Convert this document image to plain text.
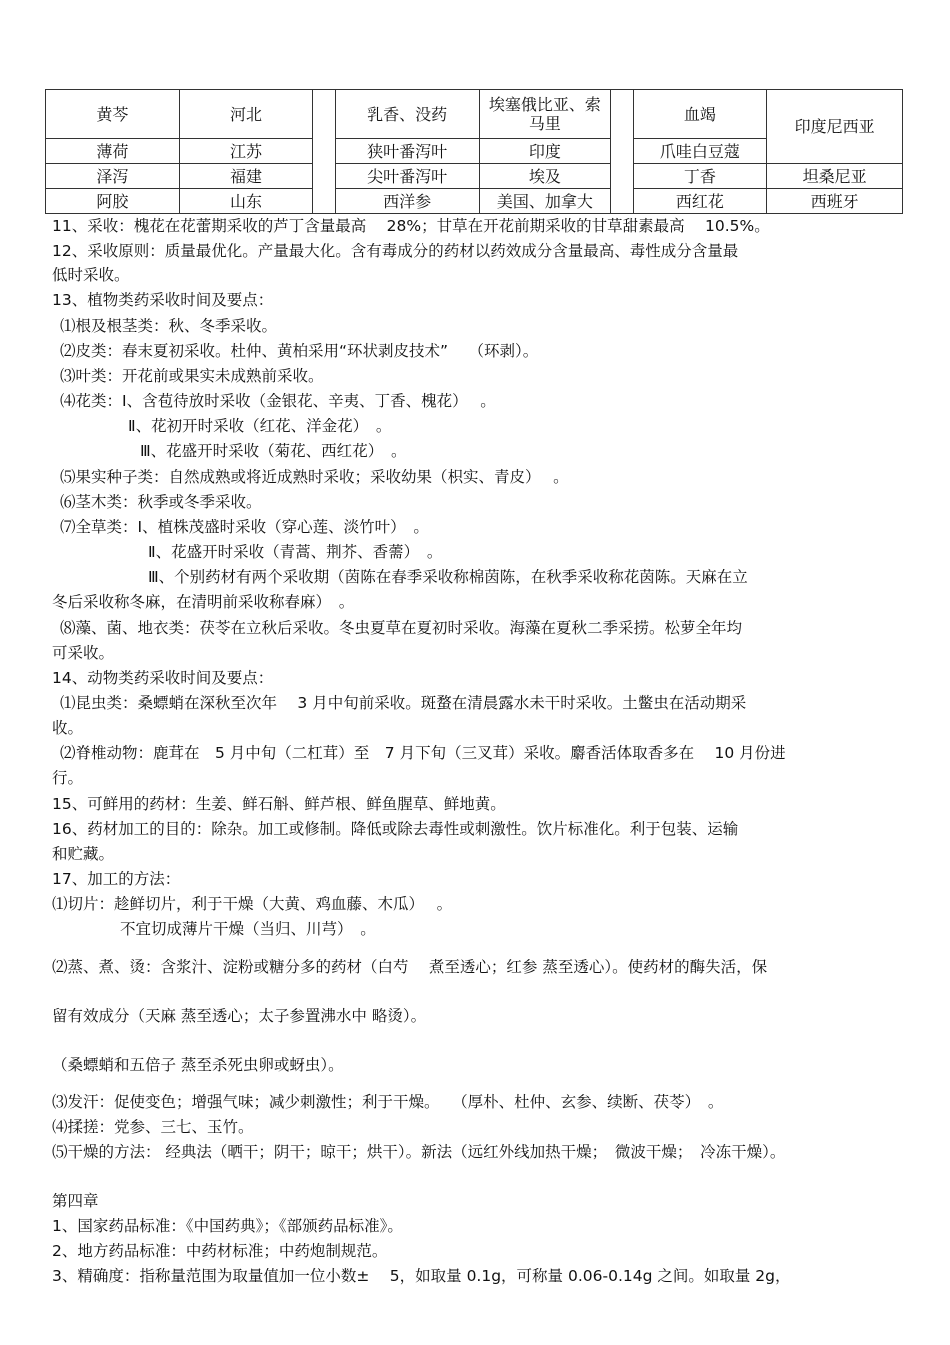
黄芩	河北		乳香、没药	埃塞俄比亚、索马里		血竭	印度尼西亚
薄荷	江苏		狭叶番泻叶	印度		爪哇白豆蔻	
泽泻	福建		尖叶番泻叶	埃及		丁香	坦桑尼亚
阿胶	山东		西洋参	美国、加拿大		西红花	西班牙
11、采收：槐花在花蕾期采收的芦丁含量最高　 28%；甘草在开花前期采收的甘草甜素最高　 10.5%。
12、采收原则：质量最优化。产量最大化。含有毒成分的药材以药效成分含量最高、毒性成分含量最
低时采收。
13、植物类药采收时间及要点：
⑴根及根茎类：秋、冬季采收。
⑵皮类：春末夏初采收。杜仲、黄柏采用“环状剥皮技术”　 （环剥）。
⑶叶类：开花前或果实未成熟前采收。
⑷花类：Ⅰ、含苞待放时采收（金银花、辛夷、丁香、槐花）　 。
Ⅱ、花初开时采收（红花、洋金花）　。
Ⅲ、花盛开时采收（菊花、西红花）　。
⑸果实种子类：自然成熟或将近成熟时采收；采收幼果（枳实、青皮）　 。
⑹茎木类：秋季或冬季采收。
⑺全草类：Ⅰ、植株茂盛时采收（穿心莲、淡竹叶）　。
Ⅱ、花盛开时采收（青蒿、荆芥、香薷）　。
Ⅲ、个别药材有两个采收期（茵陈在春季采收称棉茵陈，在秋季采收称花茵陈。天麻在立
冬后采收称冬麻，在清明前采收称春麻）　。
⑻藻、菌、地衣类：茯苓在立秋后采收。冬虫夏草在夏初时采收。海藻在夏秋二季采捞。松萝全年均
可采收。
14、动物类药采收时间及要点：
⑴昆虫类：桑螵蛸在深秋至次年　 3 月中旬前采收。斑蝥在清晨露水未干时采收。土鳖虫在活动期采
收。
⑵脊椎动物：鹿茸在　5 月中旬（二杠茸）至　7 月下旬（三叉茸）采收。麝香活体取香多在　 10 月份进
行。
15、可鲜用的药材：生姜、鲜石斛、鲜芦根、鲜鱼腥草、鲜地黄。
16、药材加工的目的：除杂。加工或修制。降低或除去毒性或刺激性。饮片标准化。利于包装、运输
和贮藏。
17、加工的方法：
⑴切片：趁鲜切片，利于干燥（大黄、鸡血藤、木瓜）　 。
不宜切成薄片干燥（当归、川芎）　。
⑵蒸、煮、烫：含浆汁、淀粉或糖分多的药材（白芍　 煮至透心；红参 蒸至透心）。使药材的酶失活，保
留有效成分（天麻 蒸至透心；太子参置沸水中 略烫）。
（桑螵蛸和五倍子 蒸至杀死虫卵或蚜虫）。
⑶发汗：促使变色；增强气味；减少刺激性；利于干燥。　 （厚朴、杜仲、玄参、续断、茯苓）　。
⑷揉搓：党参、三七、玉竹。
⑸干燥的方法： 经典法（晒干；阴干；晾干；烘干）。新法（远红外线加热干燥；　微波干燥；　冷冻干燥）。
第四章
1、国家药品标准：《中国药典》；《部颁药品标准》。
2、地方药品标准：中药材标准；中药炮制规范。
3、精确度：指称量范围为取量值加一位小数±　 5，如取量 0.1g，可称量 0.06-0.14g 之间。如取量 2g，
